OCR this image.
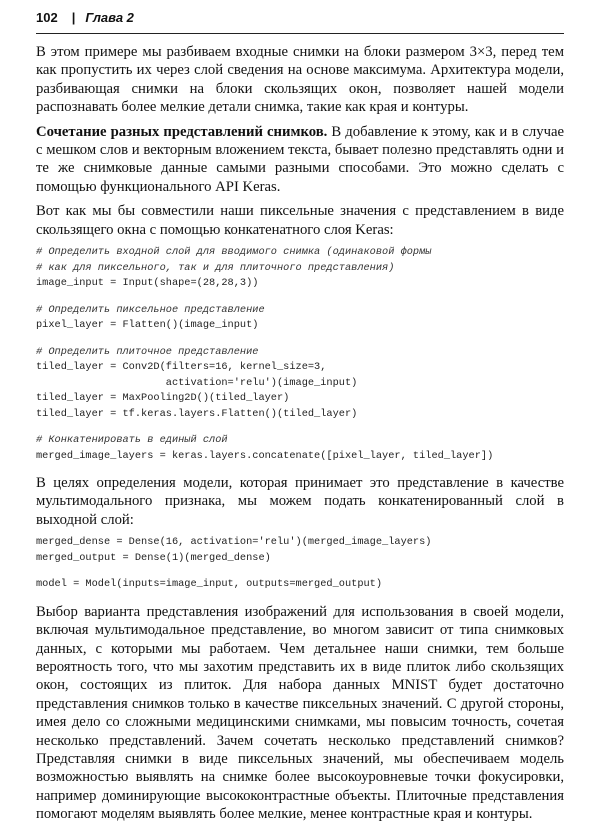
102 | Глава 2

В этом примере мы разбиваем входные снимки на блоки размером 3×3, перед тем как пропустить их через слой сведения на основе максимума. Архитектура модели, разбивающая снимки на блоки скользящих окон, позволяет нашей модели распознавать более мелкие детали снимка, такие как края и контуры.

Сочетание разных представлений снимков. В добавление к этому, как и в случае с мешком слов и векторным вложением текста, бывает полезно представлять одни и те же снимковые данные самыми разными способами. Это можно сделать с помощью функционального API Keras.

Вот как мы бы совместили наши пиксельные значения с представлением в виде скользящего окна с помощью конкатенатного слоя Keras:

# Определить входной слой для вводимого снимка (одинаковой формы
# как для пиксельного, так и для плиточного представления)
image_input = Input(shape=(28,28,3))
# Определить пиксельное представление
pixel_layer = Flatten()(image_input)
# Определить плиточное представление
tiled_layer = Conv2D(filters=16, kernel_size=3,
activation='relu')(image_input)
tiled_layer = MaxPooling2D()(tiled_layer)
tiled_layer = tf.keras.layers.Flatten()(tiled_layer)
# Конкатенировать в единый слой
merged_image_layers = keras.layers.concatenate([pixel_layer, tiled_layer])

В целях определения модели, которая принимает это представление в качестве мультимодального признака, мы можем подать конкатенированный слой в выходной слой:

merged_dense = Dense(16, activation='relu')(merged_image_layers)
merged_output = Dense(1)(merged_dense)
model = Model(inputs=image_input, outputs=merged_output)

Выбор варианта представления изображений для использования в своей модели, включая мультимодальное представление, во многом зависит от типа снимковых данных, с которыми мы работаем. Чем детальнее наши снимки, тем больше вероятность того, что мы захотим представить их в виде плиток либо скользящих окон, состоящих из плиток. Для набора данных MNIST будет достаточно представления снимков только в качестве пиксельных значений. С другой стороны, имея дело со сложными медицинскими снимками, мы повысим точность, сочетая несколько представлений. Зачем сочетать несколько представлений снимков? Представляя снимки в виде пиксельных значений, мы обеспечиваем модель возможностью выявлять на снимке более высокоуровневые точки фокусировки, например доминирующие высококонтрастные объекты. Плиточные представления помогают моделям выявлять более мелкие, менее контрастные края и контуры.
